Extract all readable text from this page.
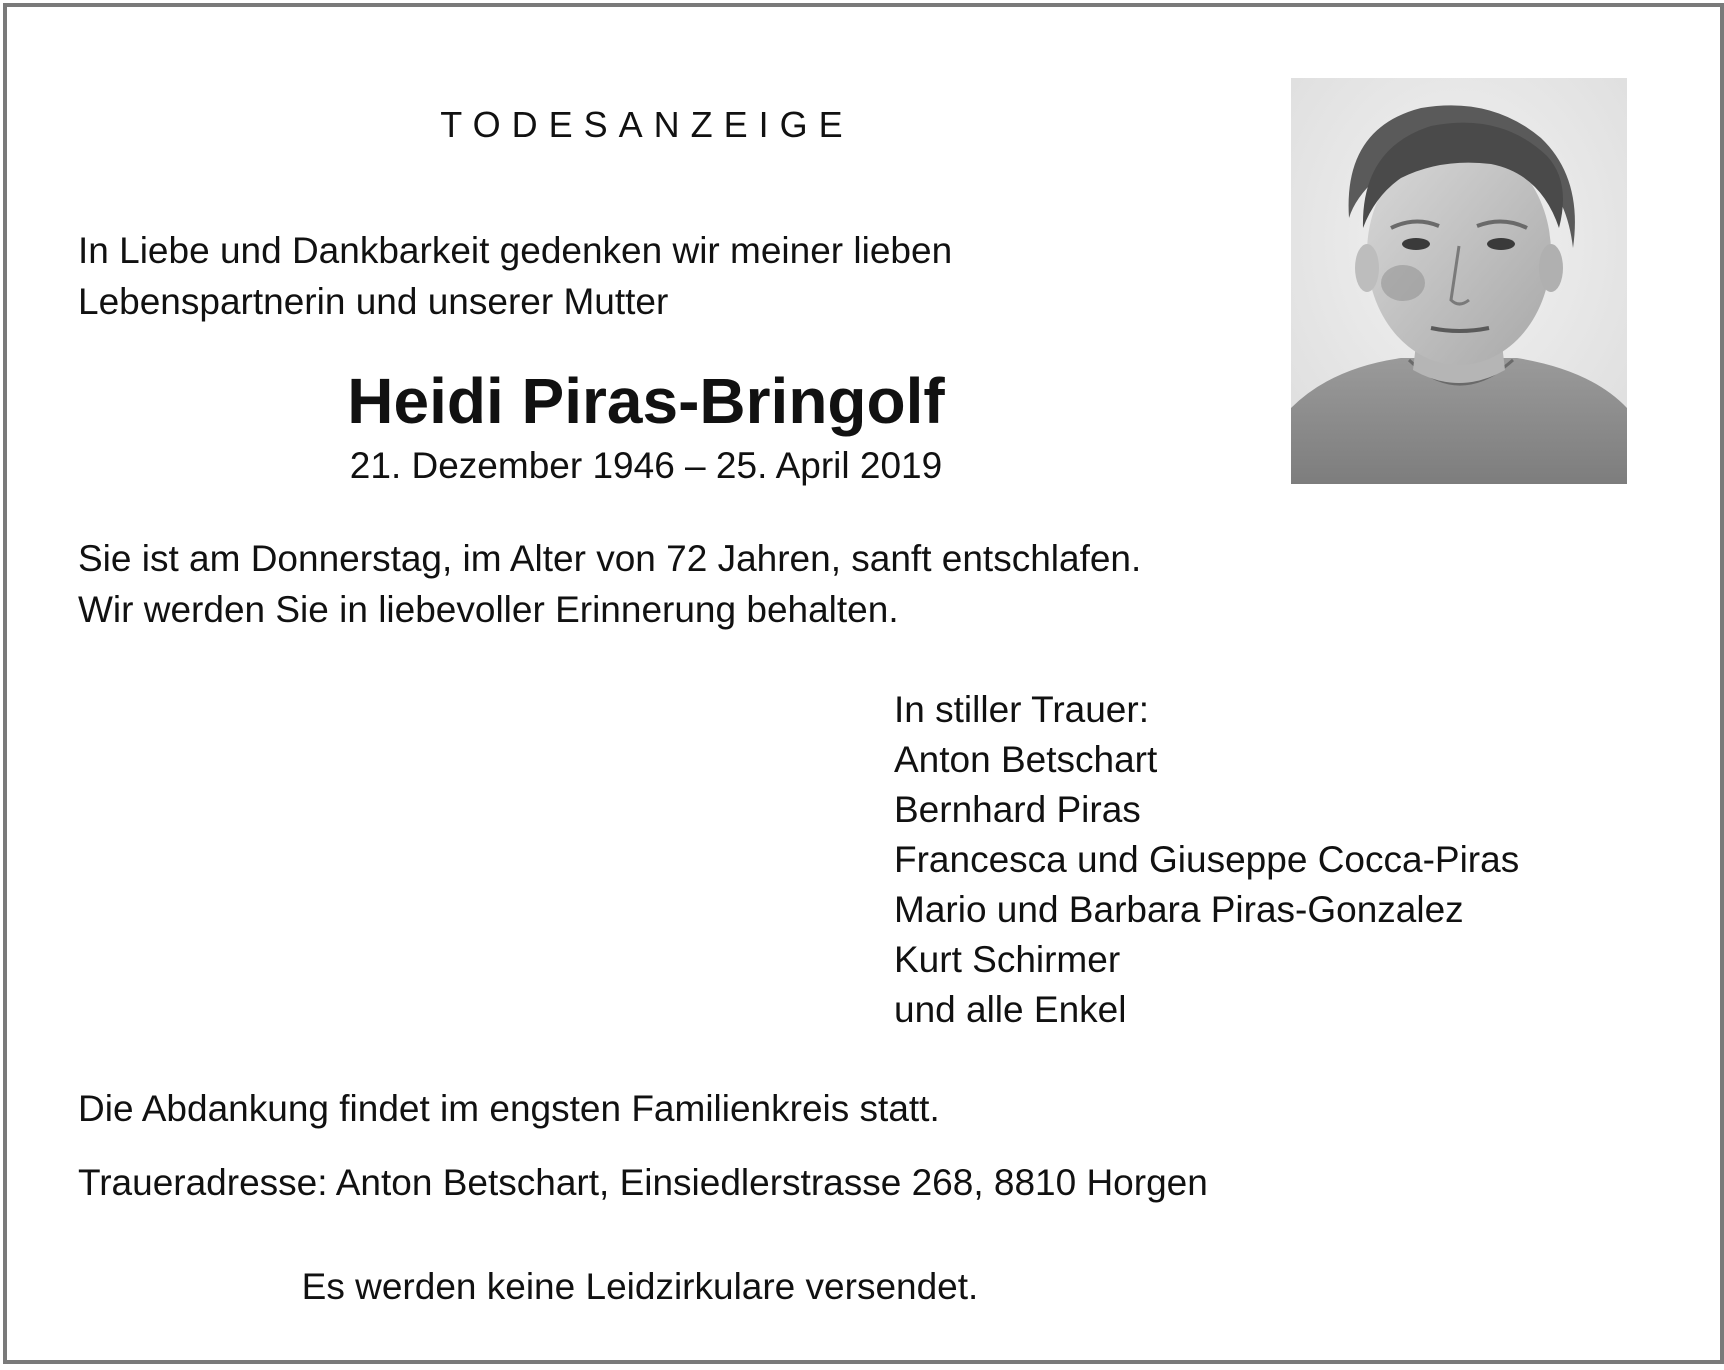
TODESANZEIGE
In Liebe und Dankbarkeit gedenken wir meiner lieben
Lebenspartnerin und unserer Mutter
Heidi Piras-Bringolf
21. Dezember 1946 – 25. April 2019
Sie ist am Donnerstag, im Alter von 72 Jahren, sanft entschlafen.
Wir werden Sie in liebevoller Erinnerung behalten.
In stiller Trauer:
Anton Betschart
Bernhard Piras
Francesca und Giuseppe Cocca-Piras
Mario und Barbara Piras-Gonzalez
Kurt Schirmer
und alle Enkel
Die Abdankung findet im engsten Familienkreis statt.
Traueradresse: Anton Betschart, Einsiedlerstrasse 268, 8810 Horgen
Es werden keine Leidzirkulare versendet.
